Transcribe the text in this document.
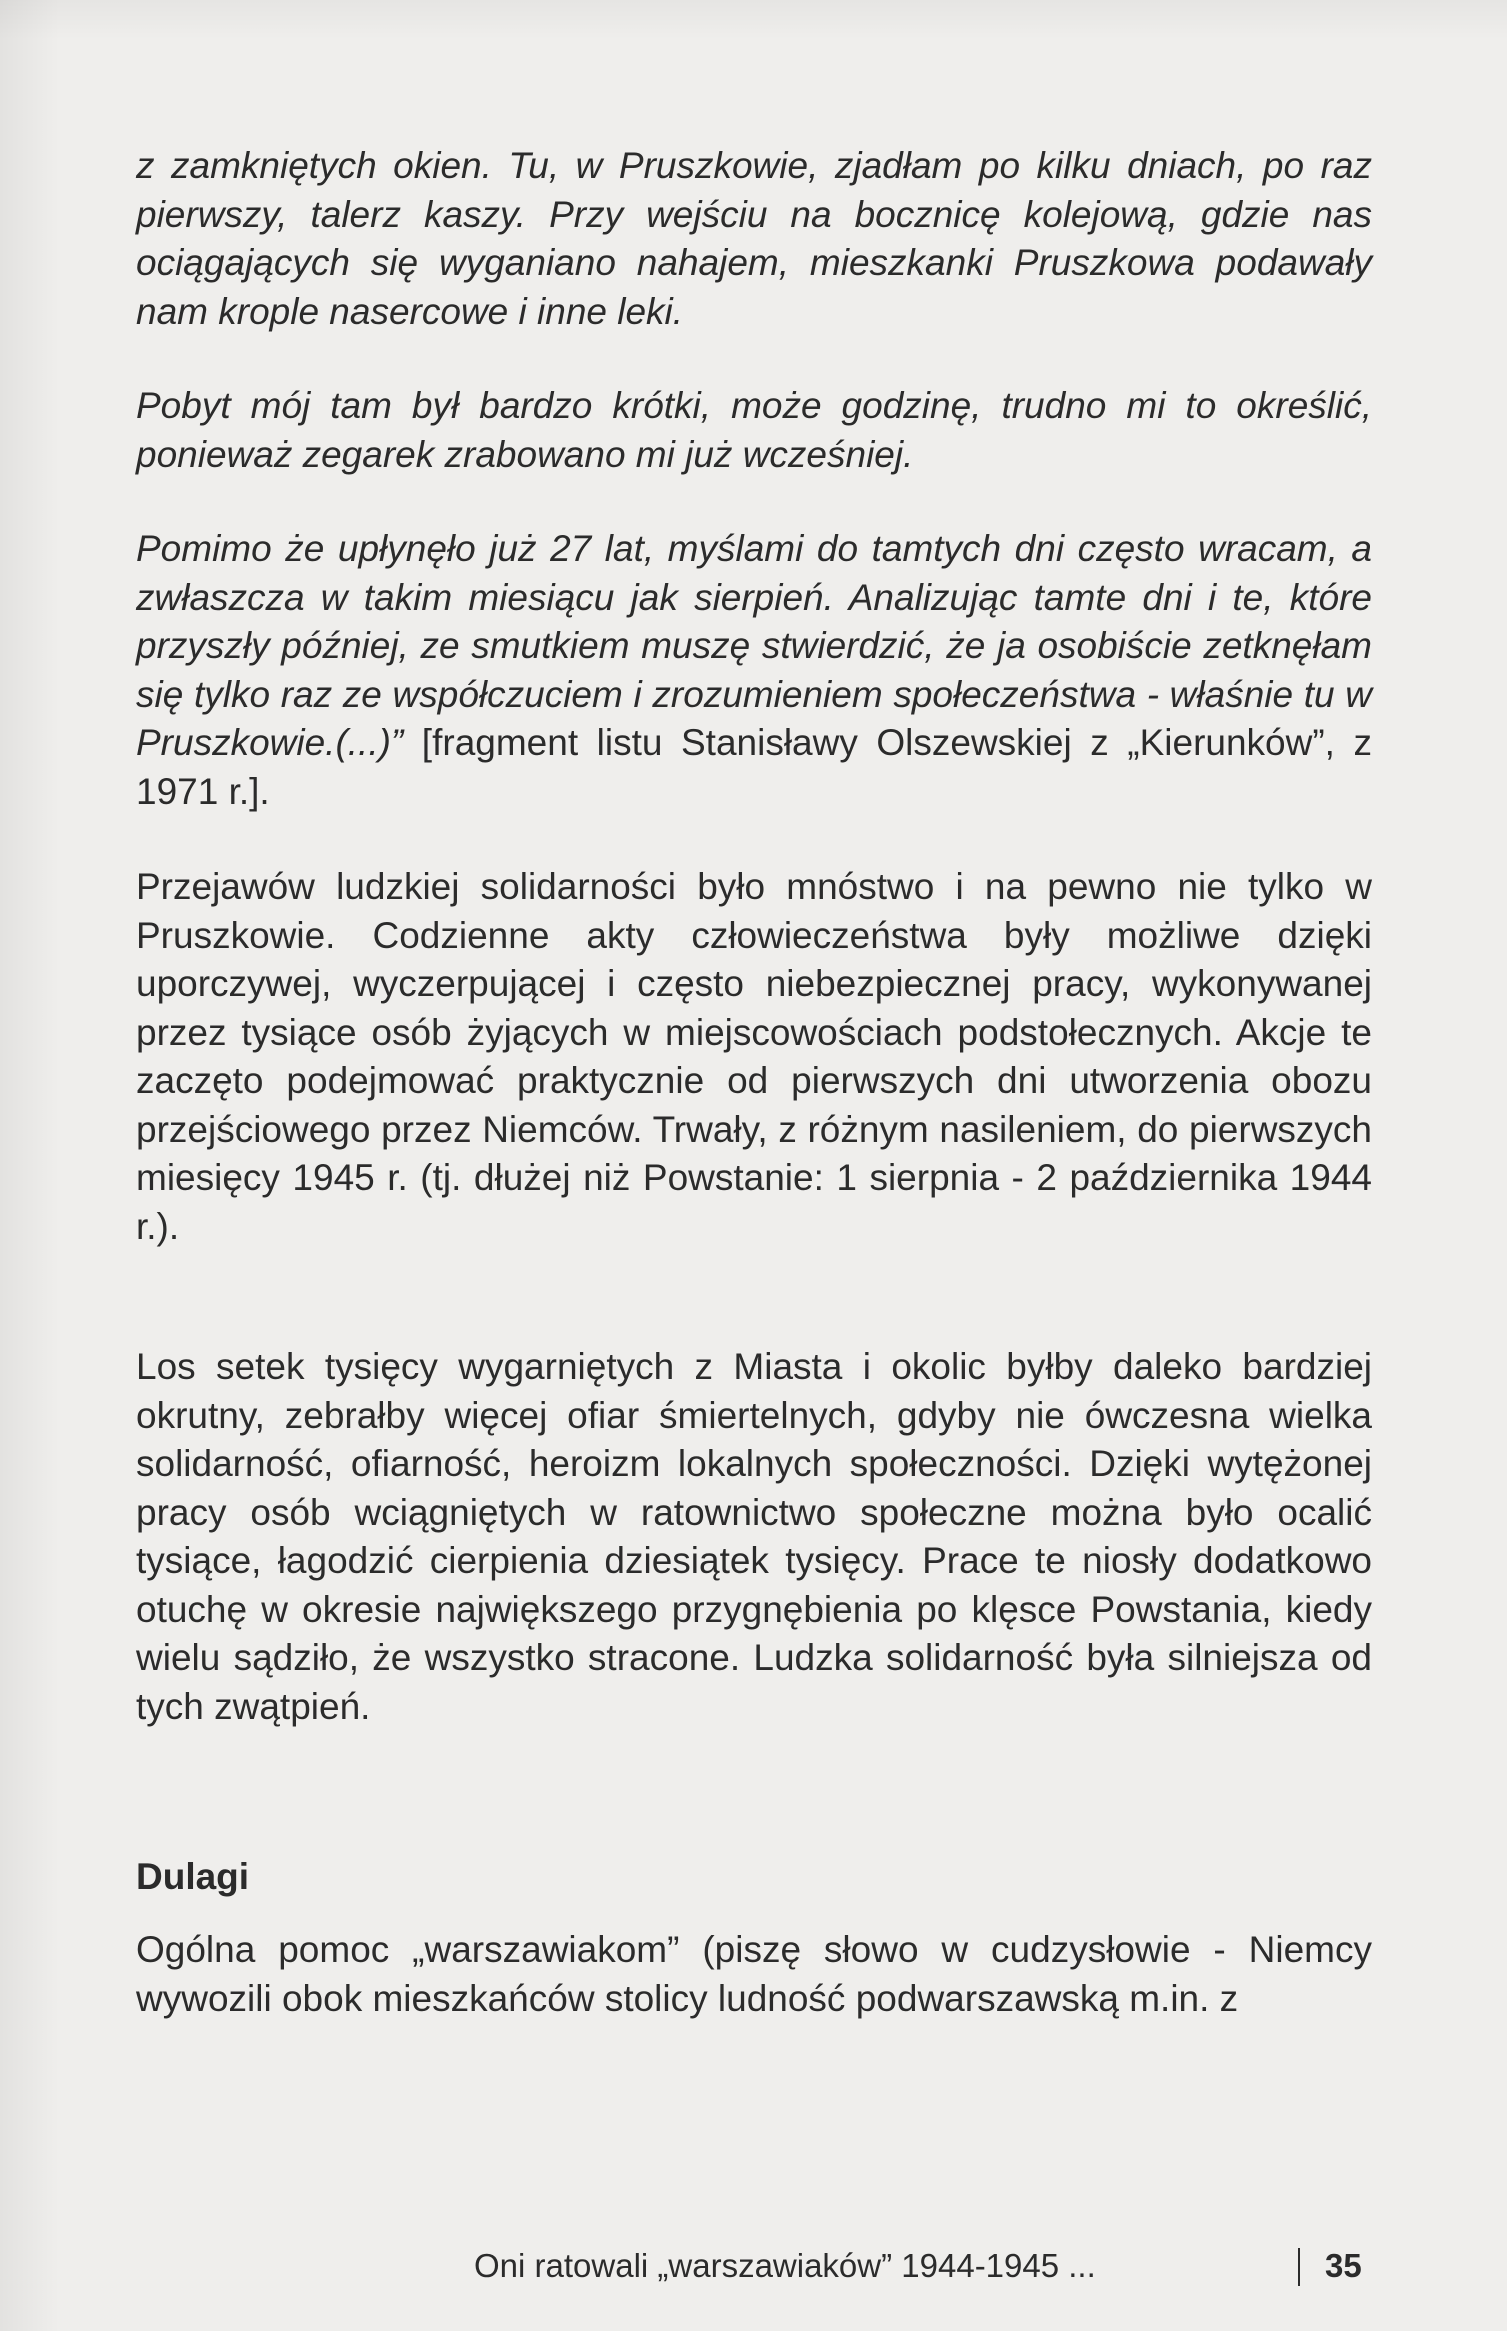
z zamkniętych okien. Tu, w Pruszkowie, zjadłam po kilku dniach, po raz pierwszy, talerz kaszy. Przy wejściu na bocznicę kolejową, gdzie nas ociągających się wyganiano nahajem, mieszkanki Pruszkowa podawały nam krople nasercowe i inne leki.

Pobyt mój tam był bardzo krótki, może godzinę, trudno mi to określić, ponieważ zegarek zrabowano mi już wcześniej.

Pomimo że upłynęło już 27 lat, myślami do tamtych dni często wracam, a zwłaszcza w takim miesiącu jak sierpień. Analizując tamte dni i te, które przyszły później, ze smutkiem muszę stwierdzić, że ja osobiście zetknęłam się tylko raz ze współczuciem i zrozumieniem społeczeństwa - właśnie tu w Pruszkowie.(...)” [fragment listu Stanisławy Olszewskiej z „Kierunków”, z 1971 r.].

Przejawów ludzkiej solidarności było mnóstwo i na pewno nie tylko w Pruszkowie. Codzienne akty człowieczeństwa były możliwe dzięki uporczywej, wyczerpującej i często niebezpiecznej pracy, wykonywanej przez tysiące osób żyjących w miejscowościach podstołecznych. Akcje te zaczęto podejmować praktycznie od pierwszych dni utworzenia obozu przejściowego przez Niemców. Trwały, z różnym nasileniem, do pierwszych miesięcy 1945 r. (tj. dłużej niż Powstanie: 1 sierpnia - 2 października 1944 r.).

Los setek tysięcy wygarniętych z Miasta i okolic byłby daleko bardziej okrutny, zebrałby więcej ofiar śmiertelnych, gdyby nie ówczesna wielka solidarność, ofiarność, heroizm lokalnych społeczności. Dzięki wytężonej pracy osób wciągniętych w ratownictwo społeczne można było ocalić tysiące, łagodzić cierpienia dziesiątek tysięcy. Prace te niosły dodatkowo otuchę w okresie największego przygnębienia po klęsce Powstania, kiedy wielu sądziło, że wszystko stracone. Ludzka solidarność była silniejsza od tych zwątpień.

Dulagi

Ogólna pomoc „warszawiakom” (piszę słowo w cudzysłowie - Niemcy wywozili obok mieszkańców stolicy ludność podwarszawską m.in. z

Oni ratowali „warszawiaków” 1944-1945 ...	35
